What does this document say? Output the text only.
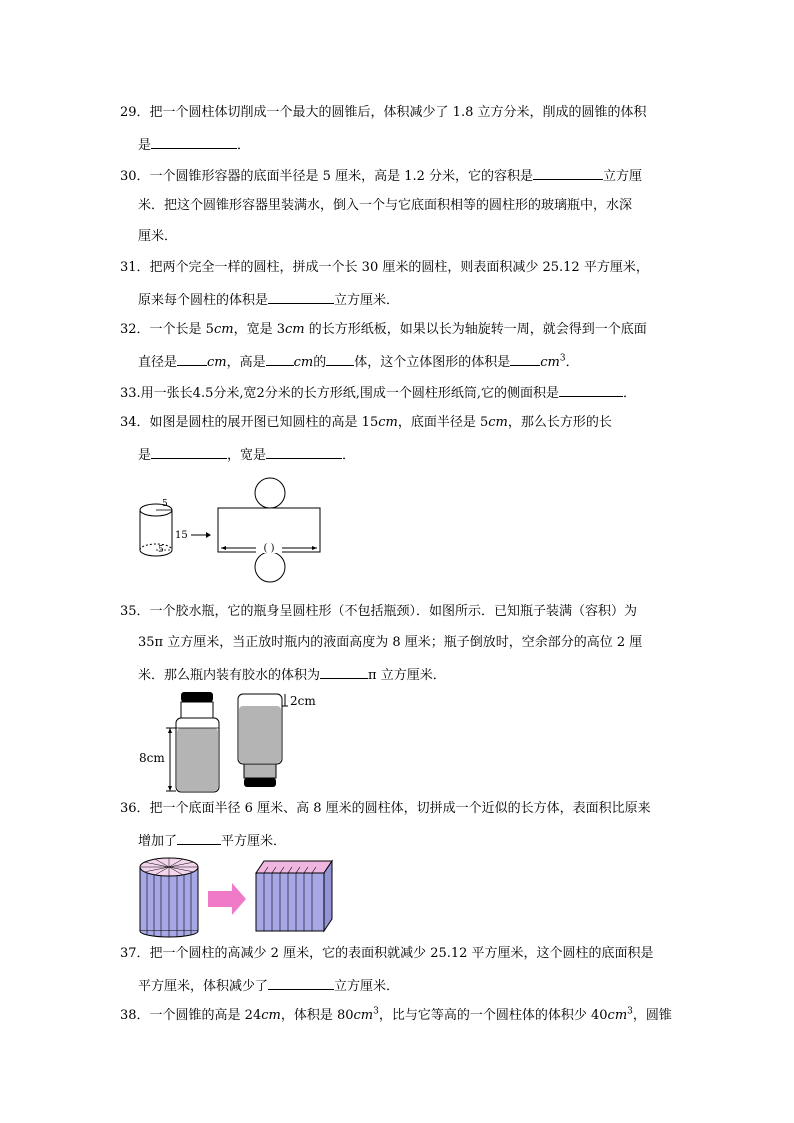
29．把一个圆柱体切削成一个最大的圆锥后，体积减少了 1.8 立方分米，削成的圆锥的体积
是	．
30．一个圆锥形容器的底面半径是 5 厘米，高是 1.2 分米，它的容积是	立方厘
米．把这个圆锥形容器里装满水，倒入一个与它底面积相等的圆柱形的玻璃瓶中，水深
厘米．
31．把两个完全一样的圆柱，拼成一个长 30 厘米的圆柱，则表面积减少 25.12 平方厘米，
原来每个圆柱的体积是	立方厘米．
32．一个长是 5cm，宽是 3cm 的长方形纸板，如果以长为轴旋转一周，就会得到一个底面
直径是 cm，高是 cm的 体，这个立体图形的体积是 $cm^3$．
33.用一张长4.5分米,宽2分米的长方形纸,围成一个圆柱形纸筒,它的侧面积是	．
34．如图是圆柱的展开图已知圆柱的高是 15cm，底面半径是 5cm，那么长方形的长
是	，宽是	．
5
5
15
( )
35．一个胶水瓶，它的瓶身呈圆柱形（不包括瓶颈）．如图所示．已知瓶子装满（容积）为
35π 立方厘米，当正放时瓶内的液面高度为 8 厘米；瓶子倒放时，空余部分的高位 2 厘
米．那么瓶内装有胶水的体积为	π 立方厘米．
8cm
2cm
36．把一个底面半径 6 厘米、高 8 厘米的圆柱体，切拼成一个近似的长方体，表面积比原来
增加了	平方厘米．
37．把一个圆柱的高减少 2 厘米，它的表面积就减少 25.12 平方厘米，这个圆柱的底面积是
平方厘米，体积减少了	立方厘米．
38．一个圆锥的高是 24cm，体积是 $80cm^3$，比与它等高的一个圆柱体的体积少 $40cm^3$，圆锥
